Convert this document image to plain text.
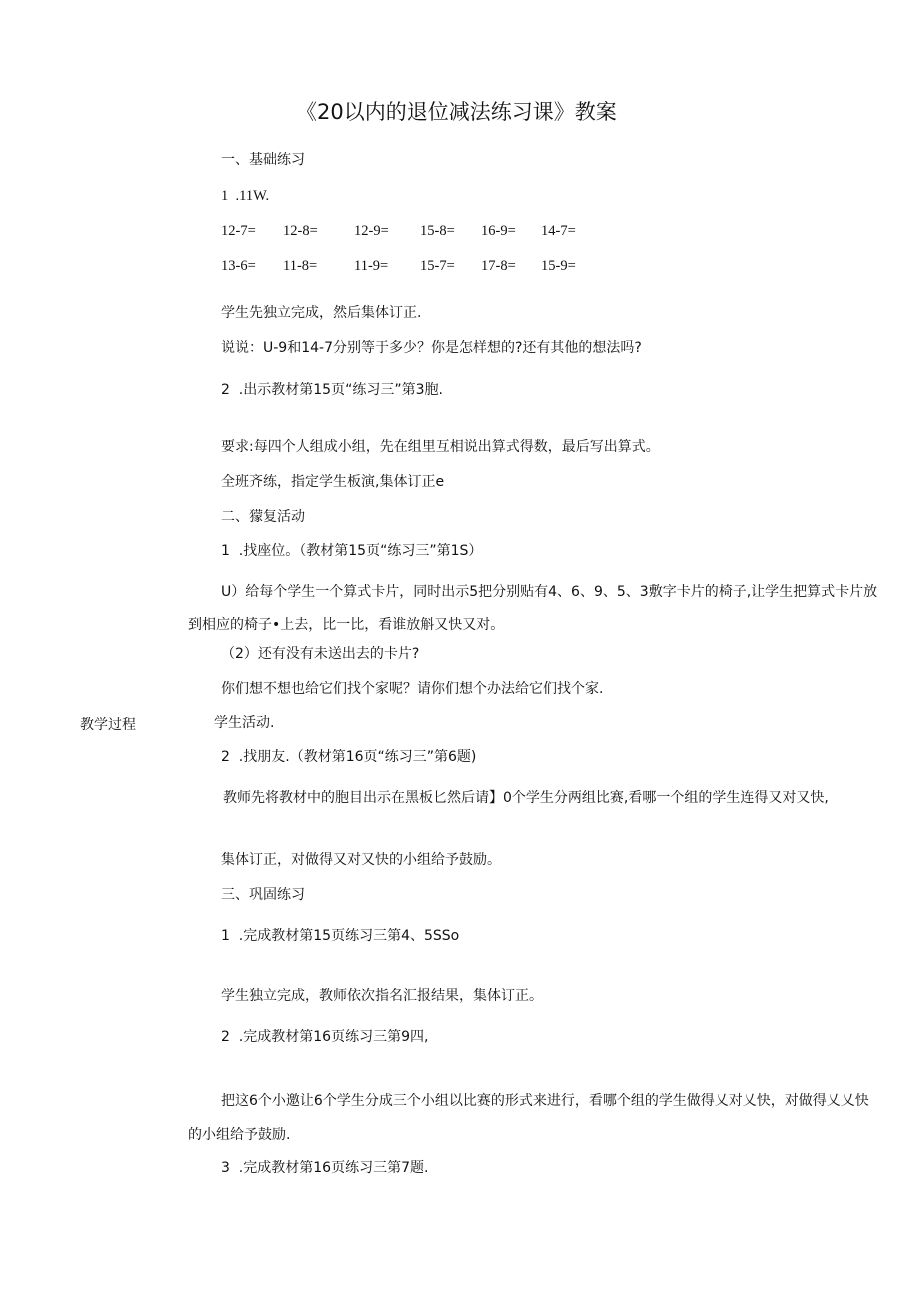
《20以内的退位减法练习课》教案
一、基础练习
1  .11W.
12-7= 12-8= 12-9= 15-8= 16-9= 14-7=
13-6= 11-8=	11-9= 15-7= 17-8= 15-9=
学生先独立完成，然后集体订正.
说说：U-9和14-7分别等于多少？你是怎样想的?还有其他的想法吗?
2  .出示教材第15页“练习三”第3胞.
要求:每四个人组成小组，先在组里互相说出算式得数，最后写出算式。
全班齐练，指定学生板演,集体订正e
二、獴复活动
1  .找座位。（教材第15页“练习三”第1S）
U）给每个学生一个算式卡片，同时出示5把分别贴有4、6、9、5、3敷字卡片的椅子,让学生把算式卡片放到相应的椅子•上去，比一比，看谁放斛又快又对。
（2）还有没有未送出去的卡片?
你们想不想也给它们找个家呢？请你们想个办法给它们找个家.
教学过程	学生活动.
2  .找朋友.（教材第16页“练习三”第6题)
教师先将教材中的胞目出示在黑板匕然后请】0个学生分两组比赛,看哪一个组的学生连得又对又快,
集体订正，对做得又对又快的小组给予鼓励。
三、巩固练习
1  .完成教材第15页练习三第4、5SSo
学生独立完成，教师依次指名汇报结果，集体订正。
2  .完成教材第16页练习三第9四,
把这6个小邀让6个学生分成三个小组以比赛的形式来进行，看哪个组的学生做得乂对乂快，对做得乂乂快的小组给予鼓励.
3  .完成教材第16页练习三第7题.
